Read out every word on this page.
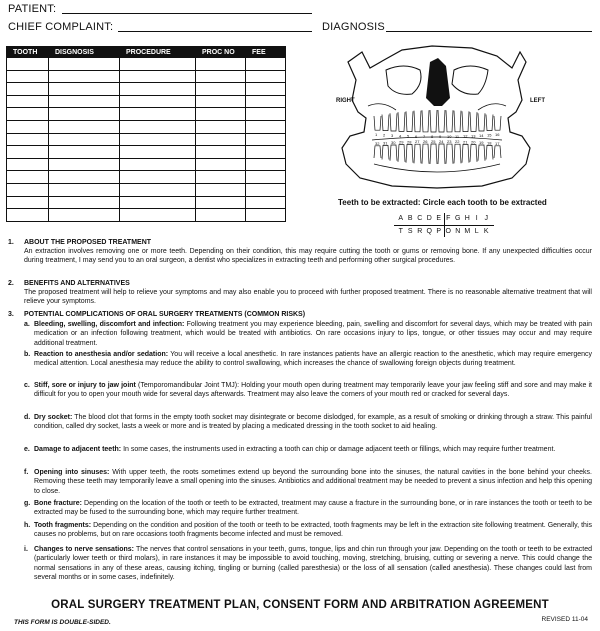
PATIENT:
CHIEF COMPLAINT:	DIAGNOSIS
TOOTH	DISGNOSIS	PROCEDURE	PROC NO	FEE

1 2 3 4 5 6 7 8 9 10 11 12 13 14 15 16
32 31 30 29 28 27 26 25 24 23 22 21 20 19 18 17
RIGHT	LEFT
Teeth to be extracted: Circle each tooth to be extracted
A B C D E F G H I J
T S R Q P O N M L K
1. ABOUT THE PROPOSED TREATMENT
An extraction involves removing one or more teeth. Depending on their condition, this may require cutting the tooth or gums or removing bone. If any unexpected difficulties occur during treatment, I may send you to an oral surgeon, a dentist who specializes in extracting teeth and performing other surgical procedures.
2. BENEFITS AND ALTERNATIVES
The proposed treatment will help to relieve your symptoms and may also enable you to proceed with further proposed treatment. There is no reasonable alternative treatment that will relieve your symptoms.
3. POTENTIAL COMPLICATIONS OF ORAL SURGERY TREATMENTS (COMMON RISKS)
a. Bleeding, swelling, discomfort and infection: Following treatment you may experience bleeding, pain, swelling and discomfort for several days, which may be treated with pain medication or an infection following treatment, which would be treated with antibiotics. On rare occasions injury to lips, tongue, or other tissues may occur and may require additional treatment.
b. Reaction to anesthesia and/or sedation: You will receive a local anesthetic. In rare instances patients have an allergic reaction to the anesthetic, which may require emergency medical attention. Local anesthesia may reduce the ability to control swallowing, which increases the chance of swallowing foreign objects during treatment.
c. Stiff, sore or injury to jaw joint (Temporomandibular Joint TMJ): Holding your mouth open during treatment may temporarily leave your jaw feeling stiff and sore and may make it difficult for you to open your mouth wide for several days afterwards. Treatment may also leave the corners of your mouth red or cracked for several days.
d. Dry socket: The blood clot that forms in the empty tooth socket may disintegrate or become dislodged, for example, as a result of smoking or drinking through a straw. This painful condition, called dry socket, lasts a week or more and is treated by placing a medicated dressing in the tooth socket to aid healing.
e. Damage to adjacent teeth: In some cases, the instruments used in extracting a tooth can chip or damage adjacent teeth or fillings, which may require further treatment.
f. Opening into sinuses: With upper teeth, the roots sometimes extend up beyond the surrounding bone into the sinuses, the natural cavities in the bone behind your cheeks. Removing these teeth may temporarily leave a small opening into the sinuses. Antibiotics and additional treatment may be needed to prevent a sinus infection and help this opening to close.
g. Bone fracture: Depending on the location of the tooth or teeth to be extracted, treatment may cause a fracture in the surrounding bone, or in rare instances the tooth or teeth to be extracted may be fused to the surrounding bone, which may require further treatment.
h. Tooth fragments: Depending on the condition and position of the tooth or teeth to be extracted, tooth fragments may be left in the extraction site following treatment. Generally, this causes no problems, but on rare occasions tooth fragments become infected and must be removed.
i. Changes to nerve sensations: The nerves that control sensations in your teeth, gums, tongue, lips and chin run through your jaw. Depending on the tooth or teeth to be extracted (particularly lower teeth or third molars), in rare instances it may be impossible to avoid touching, moving, stretching, bruising, cutting or severing a nerve. This could change the normal sensations in any of these areas, causing itching, tingling or burning (called paresthesia) or the loss of all sensation (called anesthesia). These changes could last from several months or in some cases, indefinitely.
ORAL SURGERY TREATMENT PLAN, CONSENT FORM AND ARBITRATION AGREEMENT
THIS FORM IS DOUBLE-SIDED.	REVISED 11-04
